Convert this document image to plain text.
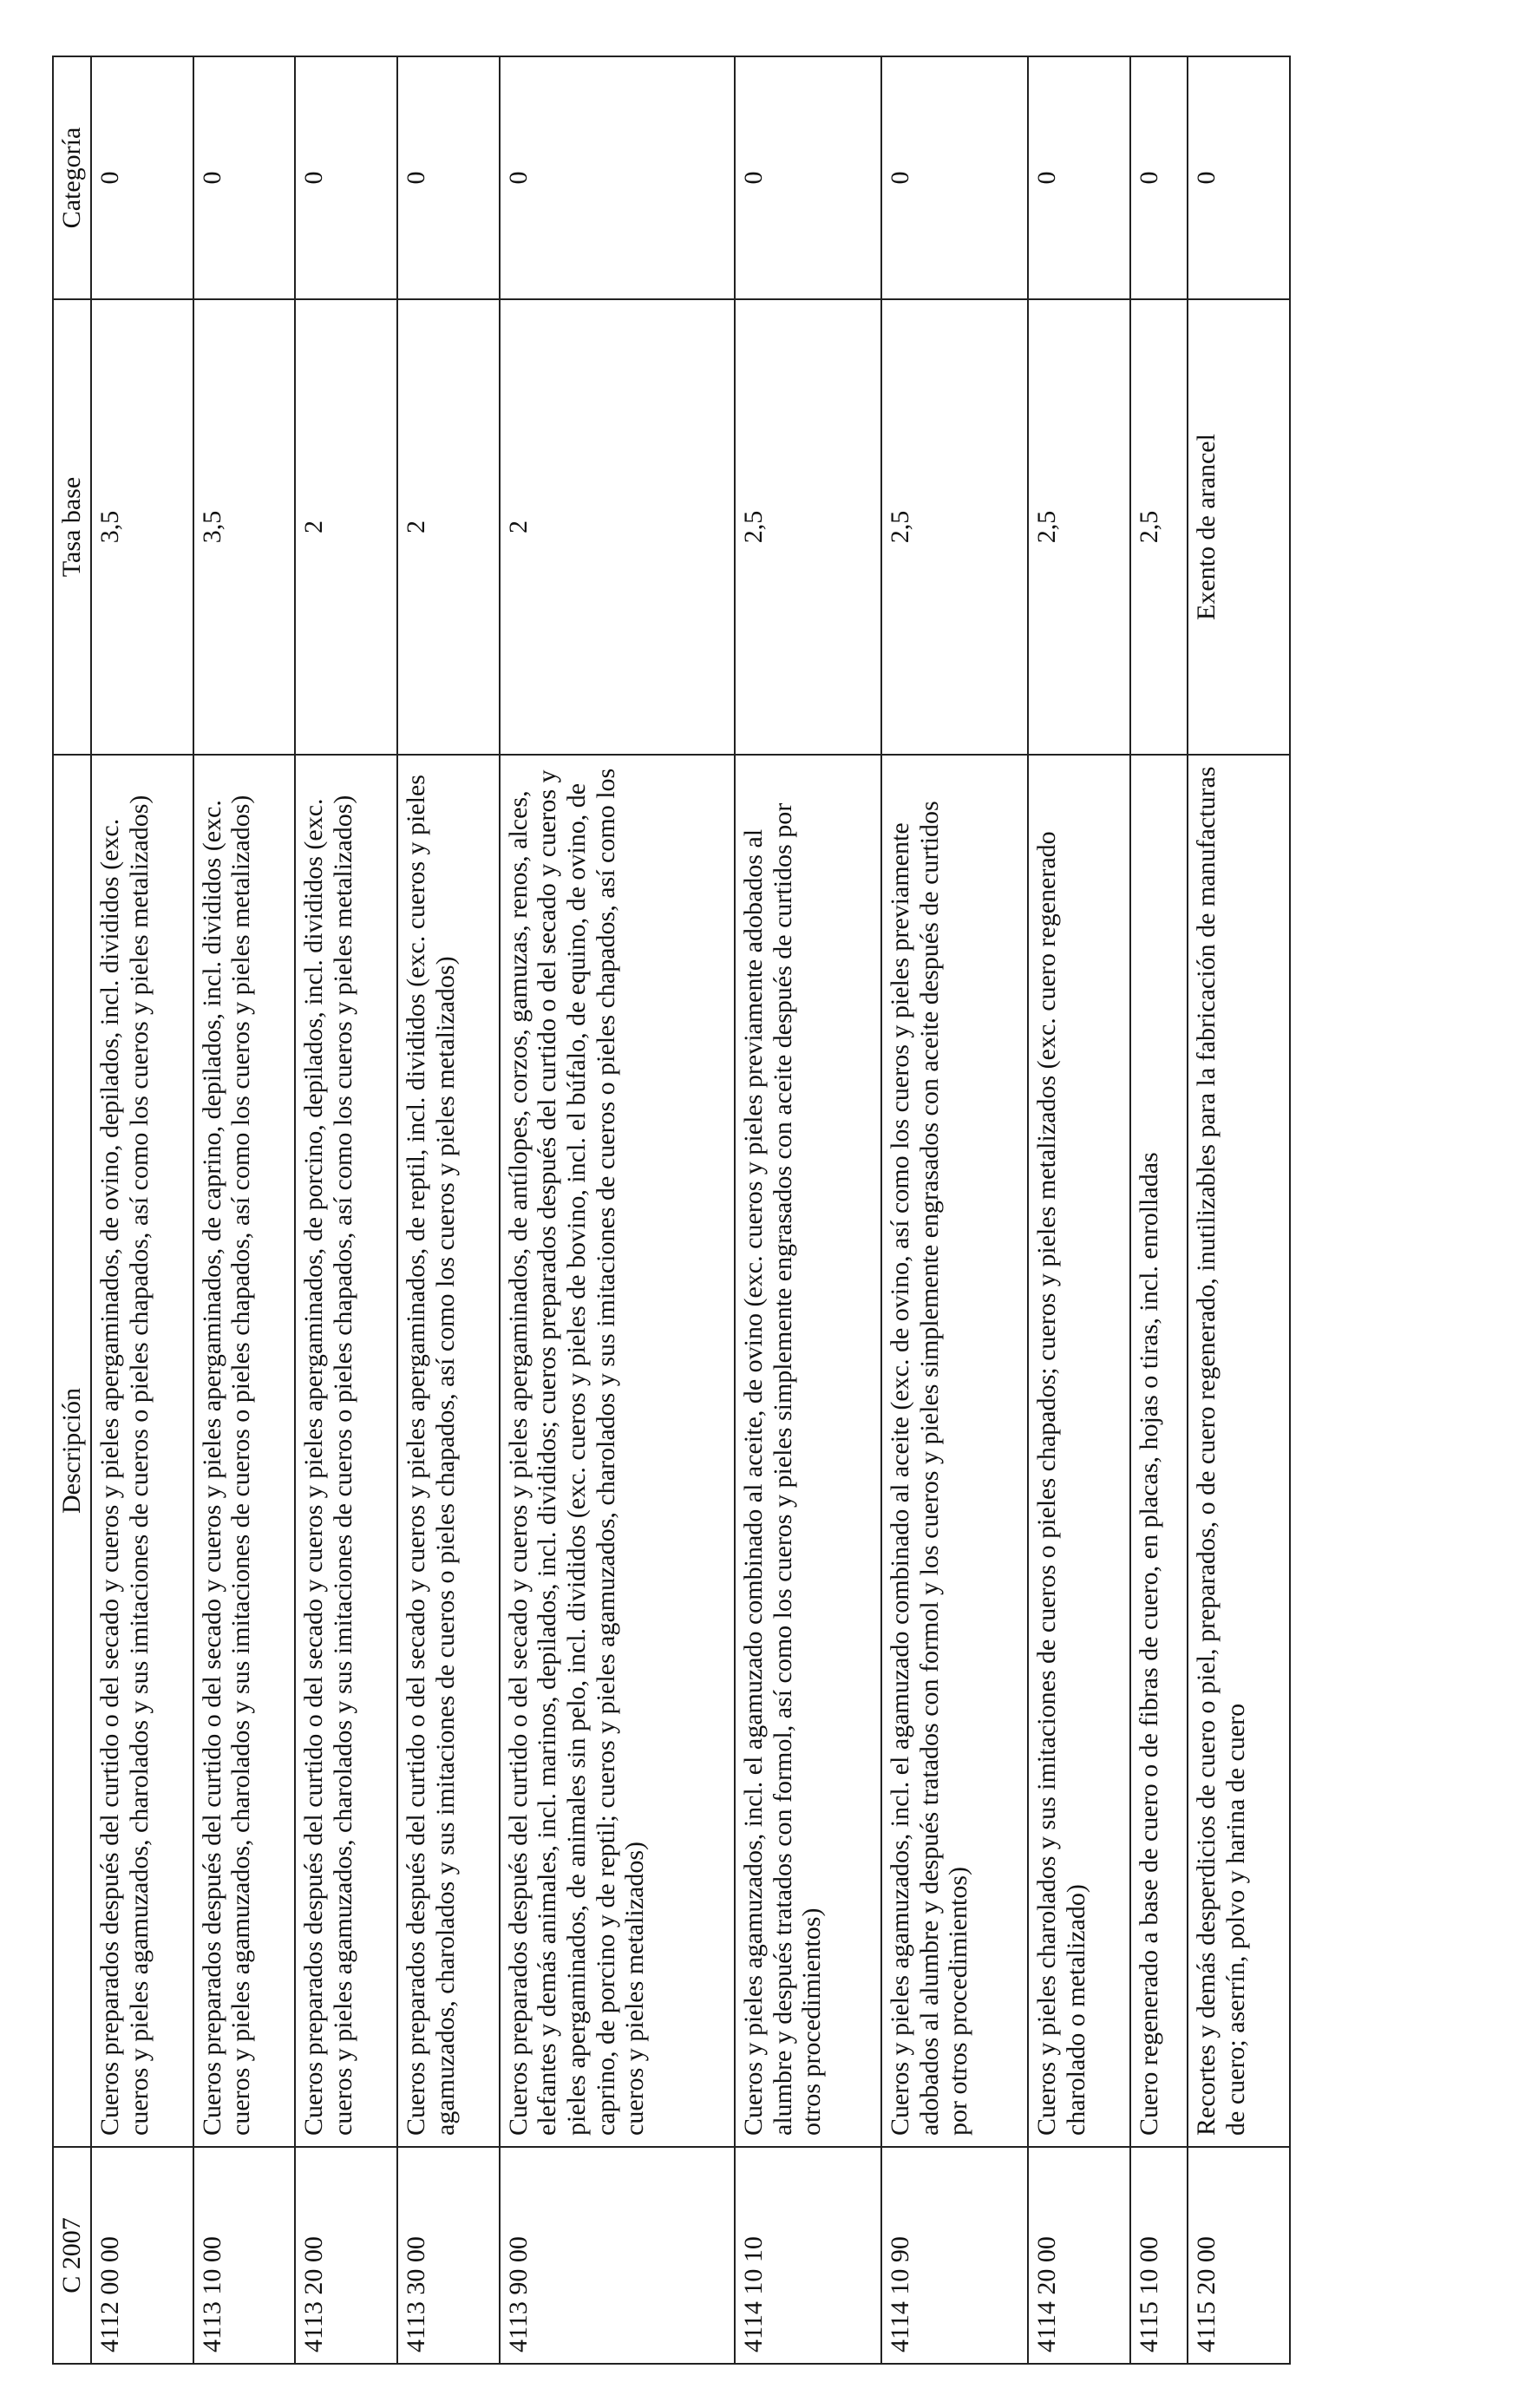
C 2007	Descripción	Tasa base	Categoría
4112 00 00	Cueros preparados después del curtido o del secado y cueros y pieles apergaminados, de ovino, depilados, incl. divididos (exc. cueros y pieles agamuzados, charolados y sus imitaciones de cueros o pieles chapados, así como los cueros y pieles metalizados)	3,5	0
4113 10 00	Cueros preparados después del curtido o del secado y cueros y pieles apergaminados, de caprino, depilados, incl. divididos (exc. cueros y pieles agamuzados, charolados y sus imitaciones de cueros o pieles chapados, así como los cueros y pieles metalizados)	3,5	0
4113 20 00	Cueros preparados después del curtido o del secado y cueros y pieles apergaminados, de porcino, depilados, incl. divididos (exc. cueros y pieles agamuzados, charolados y sus imitaciones de cueros o pieles chapados, así como los cueros y pieles metalizados)	2	0
4113 30 00	Cueros preparados después del curtido o del secado y cueros y pieles apergaminados, de reptil, incl. divididos (exc. cueros y pieles agamuzados, charolados y sus imitaciones de cueros o pieles chapados, así como los cueros y pieles metalizados)	2	0
4113 90 00	Cueros preparados después del curtido o del secado y cueros y pieles apergaminados, de antílopes, corzos, gamuzas, renos, alces, elefantes y demás animales, incl. marinos, depilados, incl. divididos; cueros preparados después del curtido o del secado y cueros y pieles apergaminados, de animales sin pelo, incl. divididos (exc. cueros y pieles de bovino, incl. el búfalo, de equino, de ovino, de caprino, de porcino y de reptil; cueros y pieles agamuzados, charolados y sus imitaciones de cueros o pieles chapados, así como los cueros y pieles metalizados)	2	0
4114 10 10	Cueros y pieles agamuzados, incl. el agamuzado combinado al aceite, de ovino (exc. cueros y pieles previamente adobados al alumbre y después tratados con formol, así como los cueros y pieles simplemente engrasados con aceite después de curtidos por otros procedimientos)	2,5	0
4114 10 90	Cueros y pieles agamuzados, incl. el agamuzado combinado al aceite (exc. de ovino, así como los cueros y pieles previamente adobados al alumbre y después tratados con formol y los cueros y pieles simplemente engrasados con aceite después de curtidos por otros procedimientos)	2,5	0
4114 20 00	Cueros y pieles charolados y sus imitaciones de cueros o pieles chapados; cueros y pieles metalizados (exc. cuero regenerado charolado o metalizado)	2,5	0
4115 10 00	Cuero regenerado a base de cuero o de fibras de cuero, en placas, hojas o tiras, incl. enrolladas	2,5	0
4115 20 00	Recortes y demás desperdicios de cuero o piel, preparados, o de cuero regenerado, inutilizables para la fabricación de manufacturas de cuero; aserrín, polvo y harina de cuero	Exento de arancel	0
